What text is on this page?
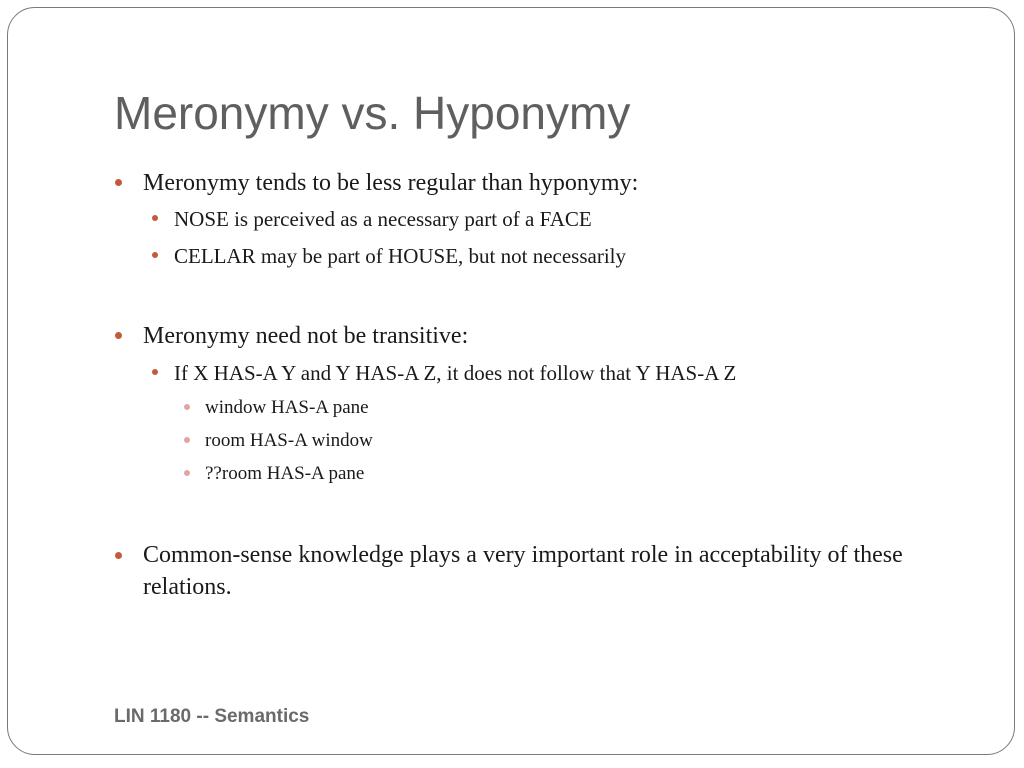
Meronymy vs. Hyponymy
Meronymy tends to be less regular than hyponymy:
NOSE is perceived as a necessary part of a FACE
CELLAR may be part of HOUSE, but not necessarily
Meronymy need not be transitive:
If X HAS-A Y and Y HAS-A Z, it does not follow that Y HAS-A Z
window HAS-A pane
room HAS-A window
??room HAS-A pane
Common-sense knowledge plays a very important role in acceptability of these relations.
LIN 1180 -- Semantics
